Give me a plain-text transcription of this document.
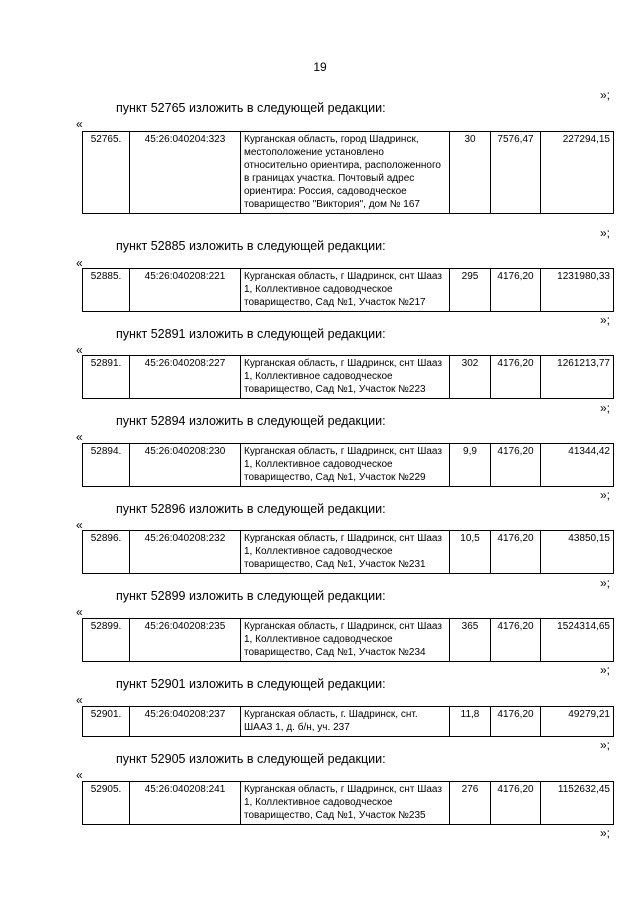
19
»;
пункт 52765 изложить в следующей редакции:
«
52765.	45:26:040204:323	Курганская область, город Шадринск, местоположение установлено относительно ориентира, расположенного в границах участка. Почтовый адрес ориентира: Россия, садоводческое товарищество "Виктория", дом № 167	30	7576,47	227294,15
»;
пункт 52885 изложить в следующей редакции:
«
52885.	45:26:040208:221	Курганская область, г Шадринск, снт Шааз 1, Коллективное садоводческое товарищество, Сад №1, Участок №217	295	4176,20	1231980,33
»;
пункт 52891 изложить в следующей редакции:
«
52891.	45:26:040208:227	Курганская область, г Шадринск, снт Шааз 1, Коллективное садоводческое товарищество, Сад №1, Участок №223	302	4176,20	1261213,77
»;
пункт 52894 изложить в следующей редакции:
«
52894.	45:26:040208:230	Курганская область, г Шадринск, снт Шааз 1, Коллективное садоводческое товарищество, Сад №1, Участок №229	9,9	4176,20	41344,42
»;
пункт 52896 изложить в следующей редакции:
«
52896.	45:26:040208:232	Курганская область, г Шадринск, снт Шааз 1, Коллективное садоводческое товарищество, Сад №1, Участок №231	10,5	4176,20	43850,15
»;
пункт 52899 изложить в следующей редакции:
«
52899.	45:26:040208:235	Курганская область, г Шадринск, снт Шааз 1, Коллективное садоводческое товарищество, Сад №1, Участок №234	365	4176,20	1524314,65
»;
пункт 52901 изложить в следующей редакции:
«
52901.	45:26:040208:237	Курганская область, г. Шадринск, снт. ШААЗ 1, д. б/н, уч. 237	11,8	4176,20	49279,21
»;
пункт 52905 изложить в следующей редакции:
«
52905.	45:26:040208:241	Курганская область, г Шадринск, снт Шааз 1, Коллективное садоводческое товарищество, Сад №1, Участок №235	276	4176,20	1152632,45
»;
